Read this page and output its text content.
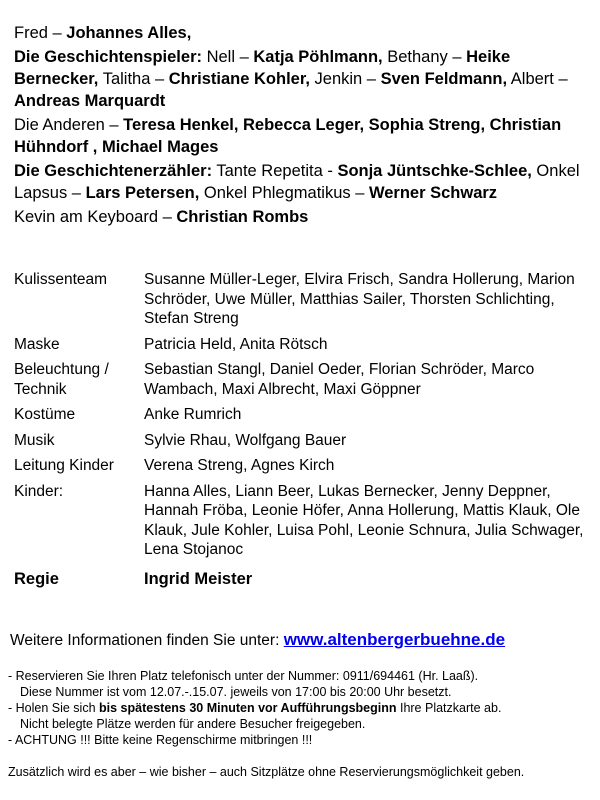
Fred – Johannes Alles,

Die Geschichtenspieler: Nell – Katja Pöhlmann, Bethany – Heike Bernecker, Talitha – Christiane Kohler, Jenkin – Sven Feldmann, Albert – Andreas Marquardt

Die Anderen – Teresa Henkel, Rebecca Leger, Sophia Streng, Christian Hühndorf , Michael Mages

Die Geschichtenerzähler: Tante Repetita - Sonja Jüntschke-Schlee, Onkel Lapsus – Lars Petersen, Onkel Phlegmatikus – Werner Schwarz

Kevin am Keyboard – Christian Rombs

Kulissenteam	Susanne Müller-Leger, Elvira Frisch, Sandra Hollerung, Marion Schröder, Uwe Müller, Matthias Sailer, Thorsten Schlichting, Stefan Streng
Maske	Patricia Held, Anita Rötsch
Beleuchtung / Technik	Sebastian Stangl, Daniel Oeder, Florian Schröder, Marco Wambach, Maxi Albrecht, Maxi Göppner
Kostüme	Anke Rumrich
Musik	Sylvie Rhau, Wolfgang Bauer
Leitung Kinder	Verena Streng, Agnes Kirch
Kinder:	Hanna Alles, Liann Beer, Lukas Bernecker, Jenny Deppner, Hannah Fröba, Leonie Höfer, Anna Hollerung, Mattis Klauk, Ole Klauk, Jule Kohler, Luisa Pohl, Leonie Schnura, Julia Schwager, Lena Stojanoc
Regie	Ingrid Meister
Weitere Informationen finden Sie unter: www.altenbergerbuehne.de

- Reservieren Sie Ihren Platz telefonisch unter der Nummer: 0911/694461 (Hr. Laaß).

Diese Nummer ist vom 12.07.-.15.07. jeweils von 17:00 bis 20:00 Uhr besetzt.

- Holen Sie sich bis spätestens 30 Minuten vor Aufführungsbeginn Ihre Platzkarte ab.

Nicht belegte Plätze werden für andere Besucher freigegeben.

- ACHTUNG !!! Bitte keine Regenschirme mitbringen !!!

Zusätzlich wird es aber – wie bisher – auch Sitzplätze ohne Reservierungsmöglichkeit geben.
